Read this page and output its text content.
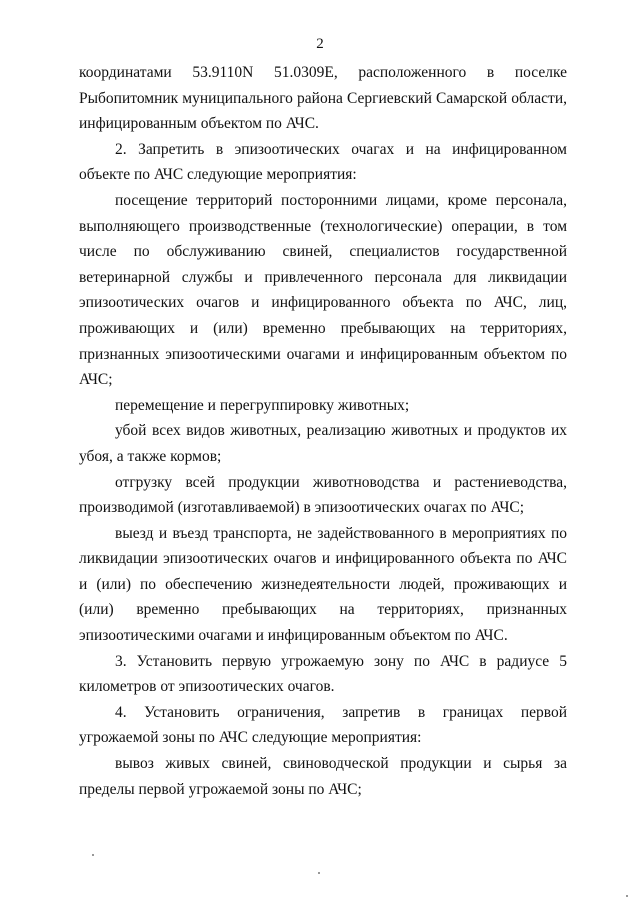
2

координатами 53.9110N 51.0309E, расположенного в поселке Рыбопитомник муниципального района Сергиевский Самарской области, инфицированным объектом по АЧС.

2. Запретить в эпизоотических очагах и на инфицированном объекте по АЧС следующие мероприятия:

посещение территорий посторонними лицами, кроме персонала, выполняющего производственные (технологические) операции, в том числе по обслуживанию свиней, специалистов государственной ветеринарной службы и привлеченного персонала для ликвидации эпизоотических очагов и инфицированного объекта по АЧС, лиц, проживающих и (или) временно пребывающих на территориях, признанных эпизоотическими очагами и инфицированным объектом по АЧС;

перемещение и перегруппировку животных;

убой всех видов животных, реализацию животных и продуктов их убоя, а также кормов;

отгрузку всей продукции животноводства и растениеводства, производимой (изготавливаемой) в эпизоотических очагах по АЧС;

выезд и въезд транспорта, не задействованного в мероприятиях по ликвидации эпизоотических очагов и инфицированного объекта по АЧС и (или) по обеспечению жизнедеятельности людей, проживающих и (или) временно пребывающих на территориях, признанных эпизоотическими очагами и инфицированным объектом по АЧС.

3. Установить первую угрожаемую зону по АЧС в радиусе 5 километров от эпизоотических очагов.

4. Установить ограничения, запретив в границах первой угрожаемой зоны по АЧС следующие мероприятия:

вывоз живых свиней, свиноводческой продукции и сырья за пределы первой угрожаемой зоны по АЧС;
